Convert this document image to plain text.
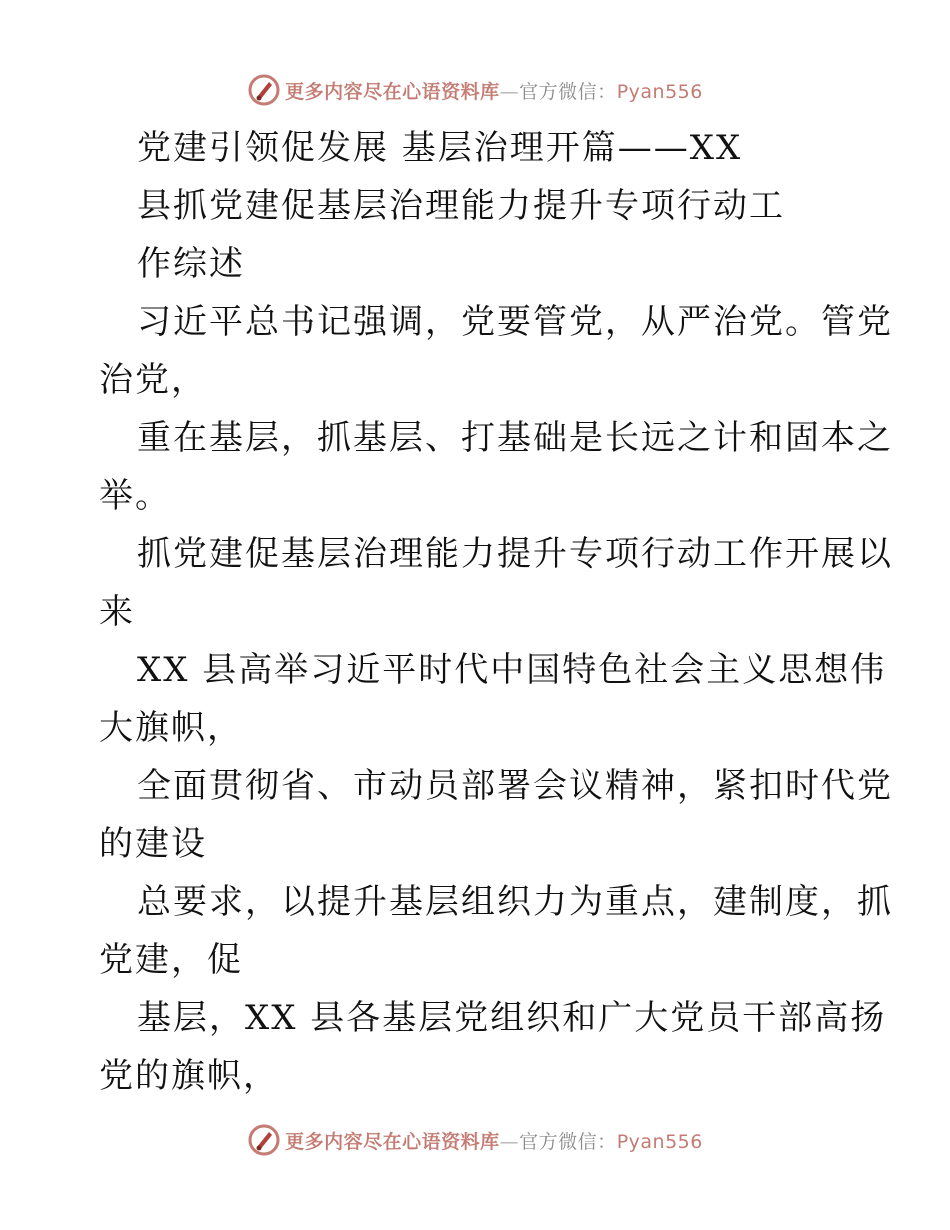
更多内容尽在心语资料库—官方微信：Pyan556
党建引领促发展 基层治理开篇——XX
县抓党建促基层治理能力提升专项行动工
作综述
习近平总书记强调，党要管党，从严治党。管党
治党，
重在基层，抓基层、打基础是长远之计和固本之
举。
抓党建促基层治理能力提升专项行动工作开展以
来
XX 县高举习近平时代中国特色社会主义思想伟
大旗帜，
全面贯彻省、市动员部署会议精神，紧扣时代党
的建设
总要求，以提升基层组织力为重点，建制度，抓
党建，促
基层，XX 县各基层党组织和广大党员干部高扬
党的旗帜，
更多内容尽在心语资料库—官方微信：Pyan556
